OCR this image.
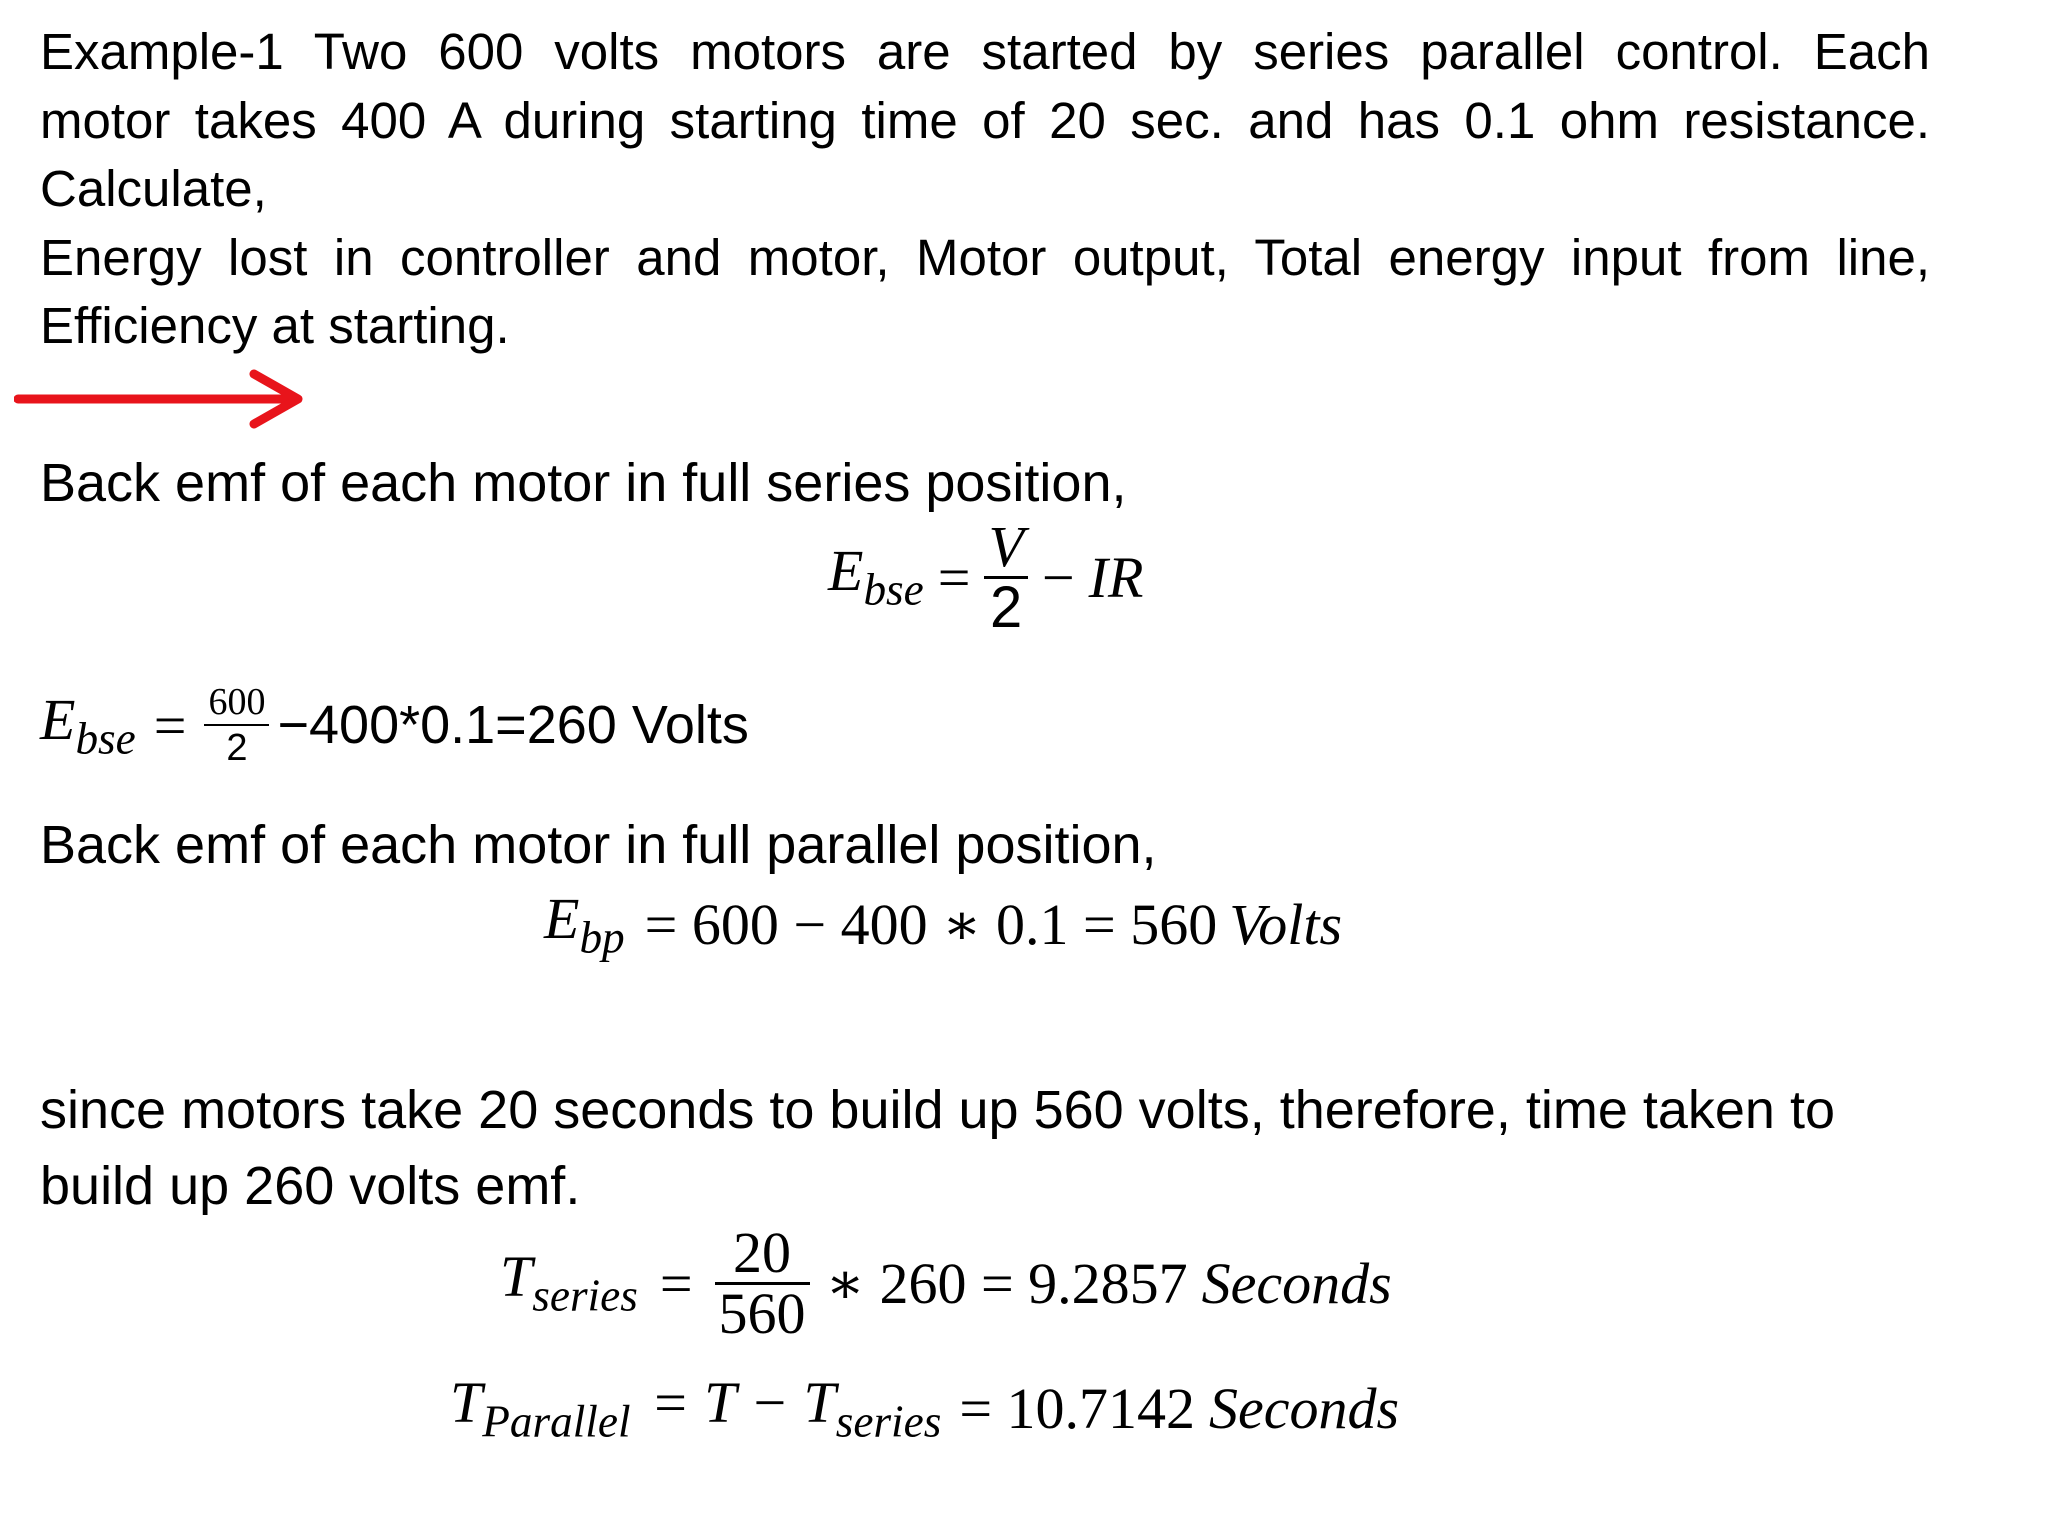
Example-1 Two 600 volts motors are started by series parallel control. Each
motor takes 400 A during starting time of 20 sec. and has 0.1 ohm resistance.
Calculate,
Energy lost in controller and motor, Motor output, Total energy input from line,
Efficiency at starting.
Back emf of each motor in full series position,
$E_{bse} = \frac{V}{2}$ − IR
$E_{bse} = \frac{600}{2} -400*0.1=260$ Volts
Back emf of each motor in full parallel position,
$E_{bp} = 600 - 400$ ∗ 0.1 = 560 Volts
since motors take 20 seconds to build up 560 volts, therefore, time taken to
build up 260 volts emf.
$T_{series} = \frac{20}{560}$ ∗ 260 = 9.2857 Seconds
$T_{Parallel} = T - T_{series} = 10.7142$ Seconds
